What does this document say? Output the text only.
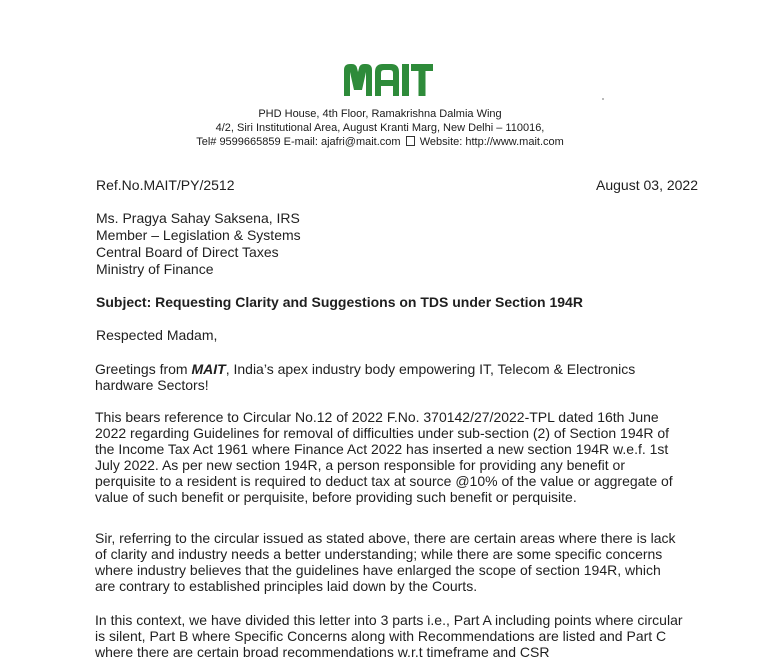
PHD House, 4th Floor, Ramakrishna Dalmia Wing
4/2, Siri Institutional Area, August Kranti Marg, New Delhi – 110016,
Tel# 9599665859 E-mail: ajafri@mait.com Website: http://www.mait.com
Ref.No.MAIT/PY/2512	August 03, 2022
Ms. Pragya Sahay Saksena, IRS
Member – Legislation & Systems
Central Board of Direct Taxes
Ministry of Finance
Subject: Requesting Clarity and Suggestions on TDS under Section 194R
Respected Madam,
Greetings from MAIT, India’s apex industry body empowering IT, Telecom & Electronics
hardware Sectors!
This bears reference to Circular No.12 of 2022 F.No. 370142/27/2022-TPL dated 16th June
2022 regarding Guidelines for removal of difficulties under sub-section (2) of Section 194R of
the Income Tax Act 1961 where Finance Act 2022 has inserted a new section 194R w.e.f. 1st
July 2022. As per new section 194R, a person responsible for providing any benefit or
perquisite to a resident is required to deduct tax at source @10% of the value or aggregate of
value of such benefit or perquisite, before providing such benefit or perquisite.
Sir, referring to the circular issued as stated above, there are certain areas where there is lack
of clarity and industry needs a better understanding; while there are some specific concerns
where industry believes that the guidelines have enlarged the scope of section 194R, which
are contrary to established principles laid down by the Courts.
In this context, we have divided this letter into 3 parts i.e., Part A including points where circular
is silent, Part B where Specific Concerns along with Recommendations are listed and Part C
where there are certain broad recommendations w.r.t timeframe and CSR
